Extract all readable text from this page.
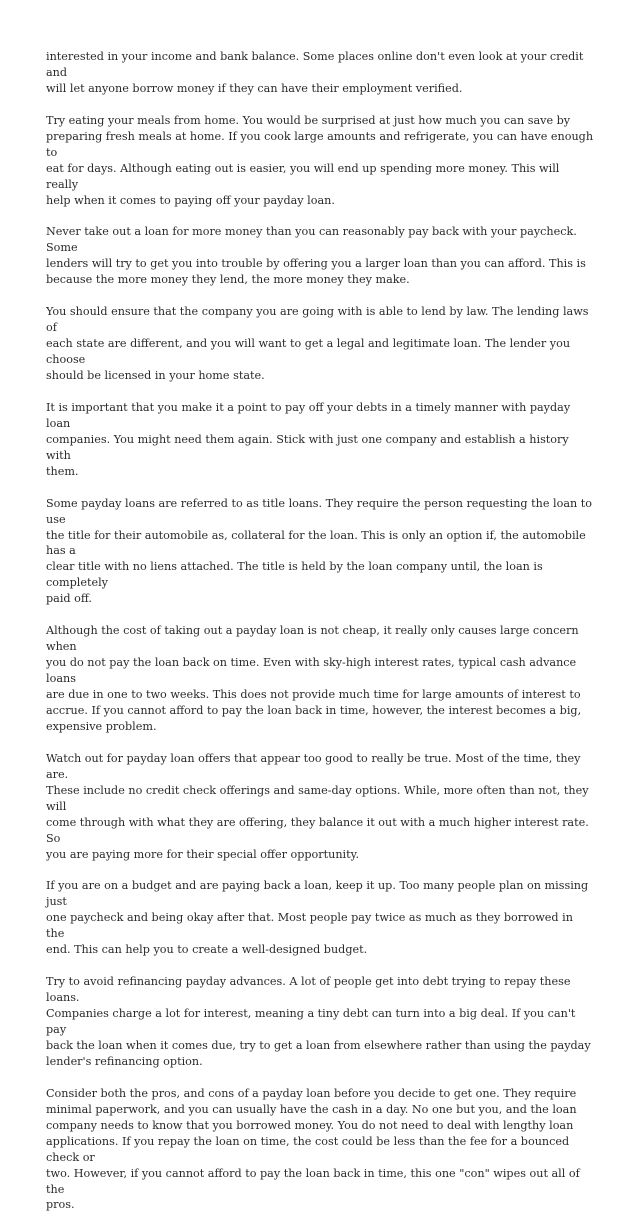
interested in your income and bank balance. Some places online don't even look at your credit and
will let anyone borrow money if they can have their employment verified.

Try eating your meals from home. You would be surprised at just how much you can save by
preparing fresh meals at home. If you cook large amounts and refrigerate, you can have enough to
eat for days. Although eating out is easier, you will end up spending more money. This will really
help when it comes to paying off your payday loan.

Never take out a loan for more money than you can reasonably pay back with your paycheck. Some
lenders will try to get you into trouble by offering you a larger loan than you can afford. This is
because the more money they lend, the more money they make.

You should ensure that the company you are going with is able to lend by law. The lending laws of
each state are different, and you will want to get a legal and legitimate loan. The lender you choose
should be licensed in your home state.

It is important that you make it a point to pay off your debts in a timely manner with payday loan
companies. You might need them again. Stick with just one company and establish a history with
them.

Some payday loans are referred to as title loans. They require the person requesting the loan to use
the title for their automobile as, collateral for the loan. This is only an option if, the automobile has a
clear title with no liens attached. The title is held by the loan company until, the loan is completely
paid off.

Although the cost of taking out a payday loan is not cheap, it really only causes large concern when
you do not pay the loan back on time. Even with sky-high interest rates, typical cash advance loans
are due in one to two weeks. This does not provide much time for large amounts of interest to
accrue. If you cannot afford to pay the loan back in time, however, the interest becomes a big,
expensive problem.

Watch out for payday loan offers that appear too good to really be true. Most of the time, they are.
These include no credit check offerings and same-day options. While, more often than not, they will
come through with what they are offering, they balance it out with a much higher interest rate. So
you are paying more for their special offer opportunity.

If you are on a budget and are paying back a loan, keep it up. Too many people plan on missing just
one paycheck and being okay after that. Most people pay twice as much as they borrowed in the
end. This can help you to create a well-designed budget.

Try to avoid refinancing payday advances. A lot of people get into debt trying to repay these loans.
Companies charge a lot for interest, meaning a tiny debt can turn into a big deal. If you can't pay
back the loan when it comes due, try to get a loan from elsewhere rather than using the payday
lender's refinancing option.

Consider both the pros, and cons of a payday loan before you decide to get one. They require
minimal paperwork, and you can usually have the cash in a day. No one but you, and the loan
company needs to know that you borrowed money. You do not need to deal with lengthy loan
applications. If you repay the loan on time, the cost could be less than the fee for a bounced check or
two. However, if you cannot afford to pay the loan back in time, this one "con" wipes out all of the
pros.
